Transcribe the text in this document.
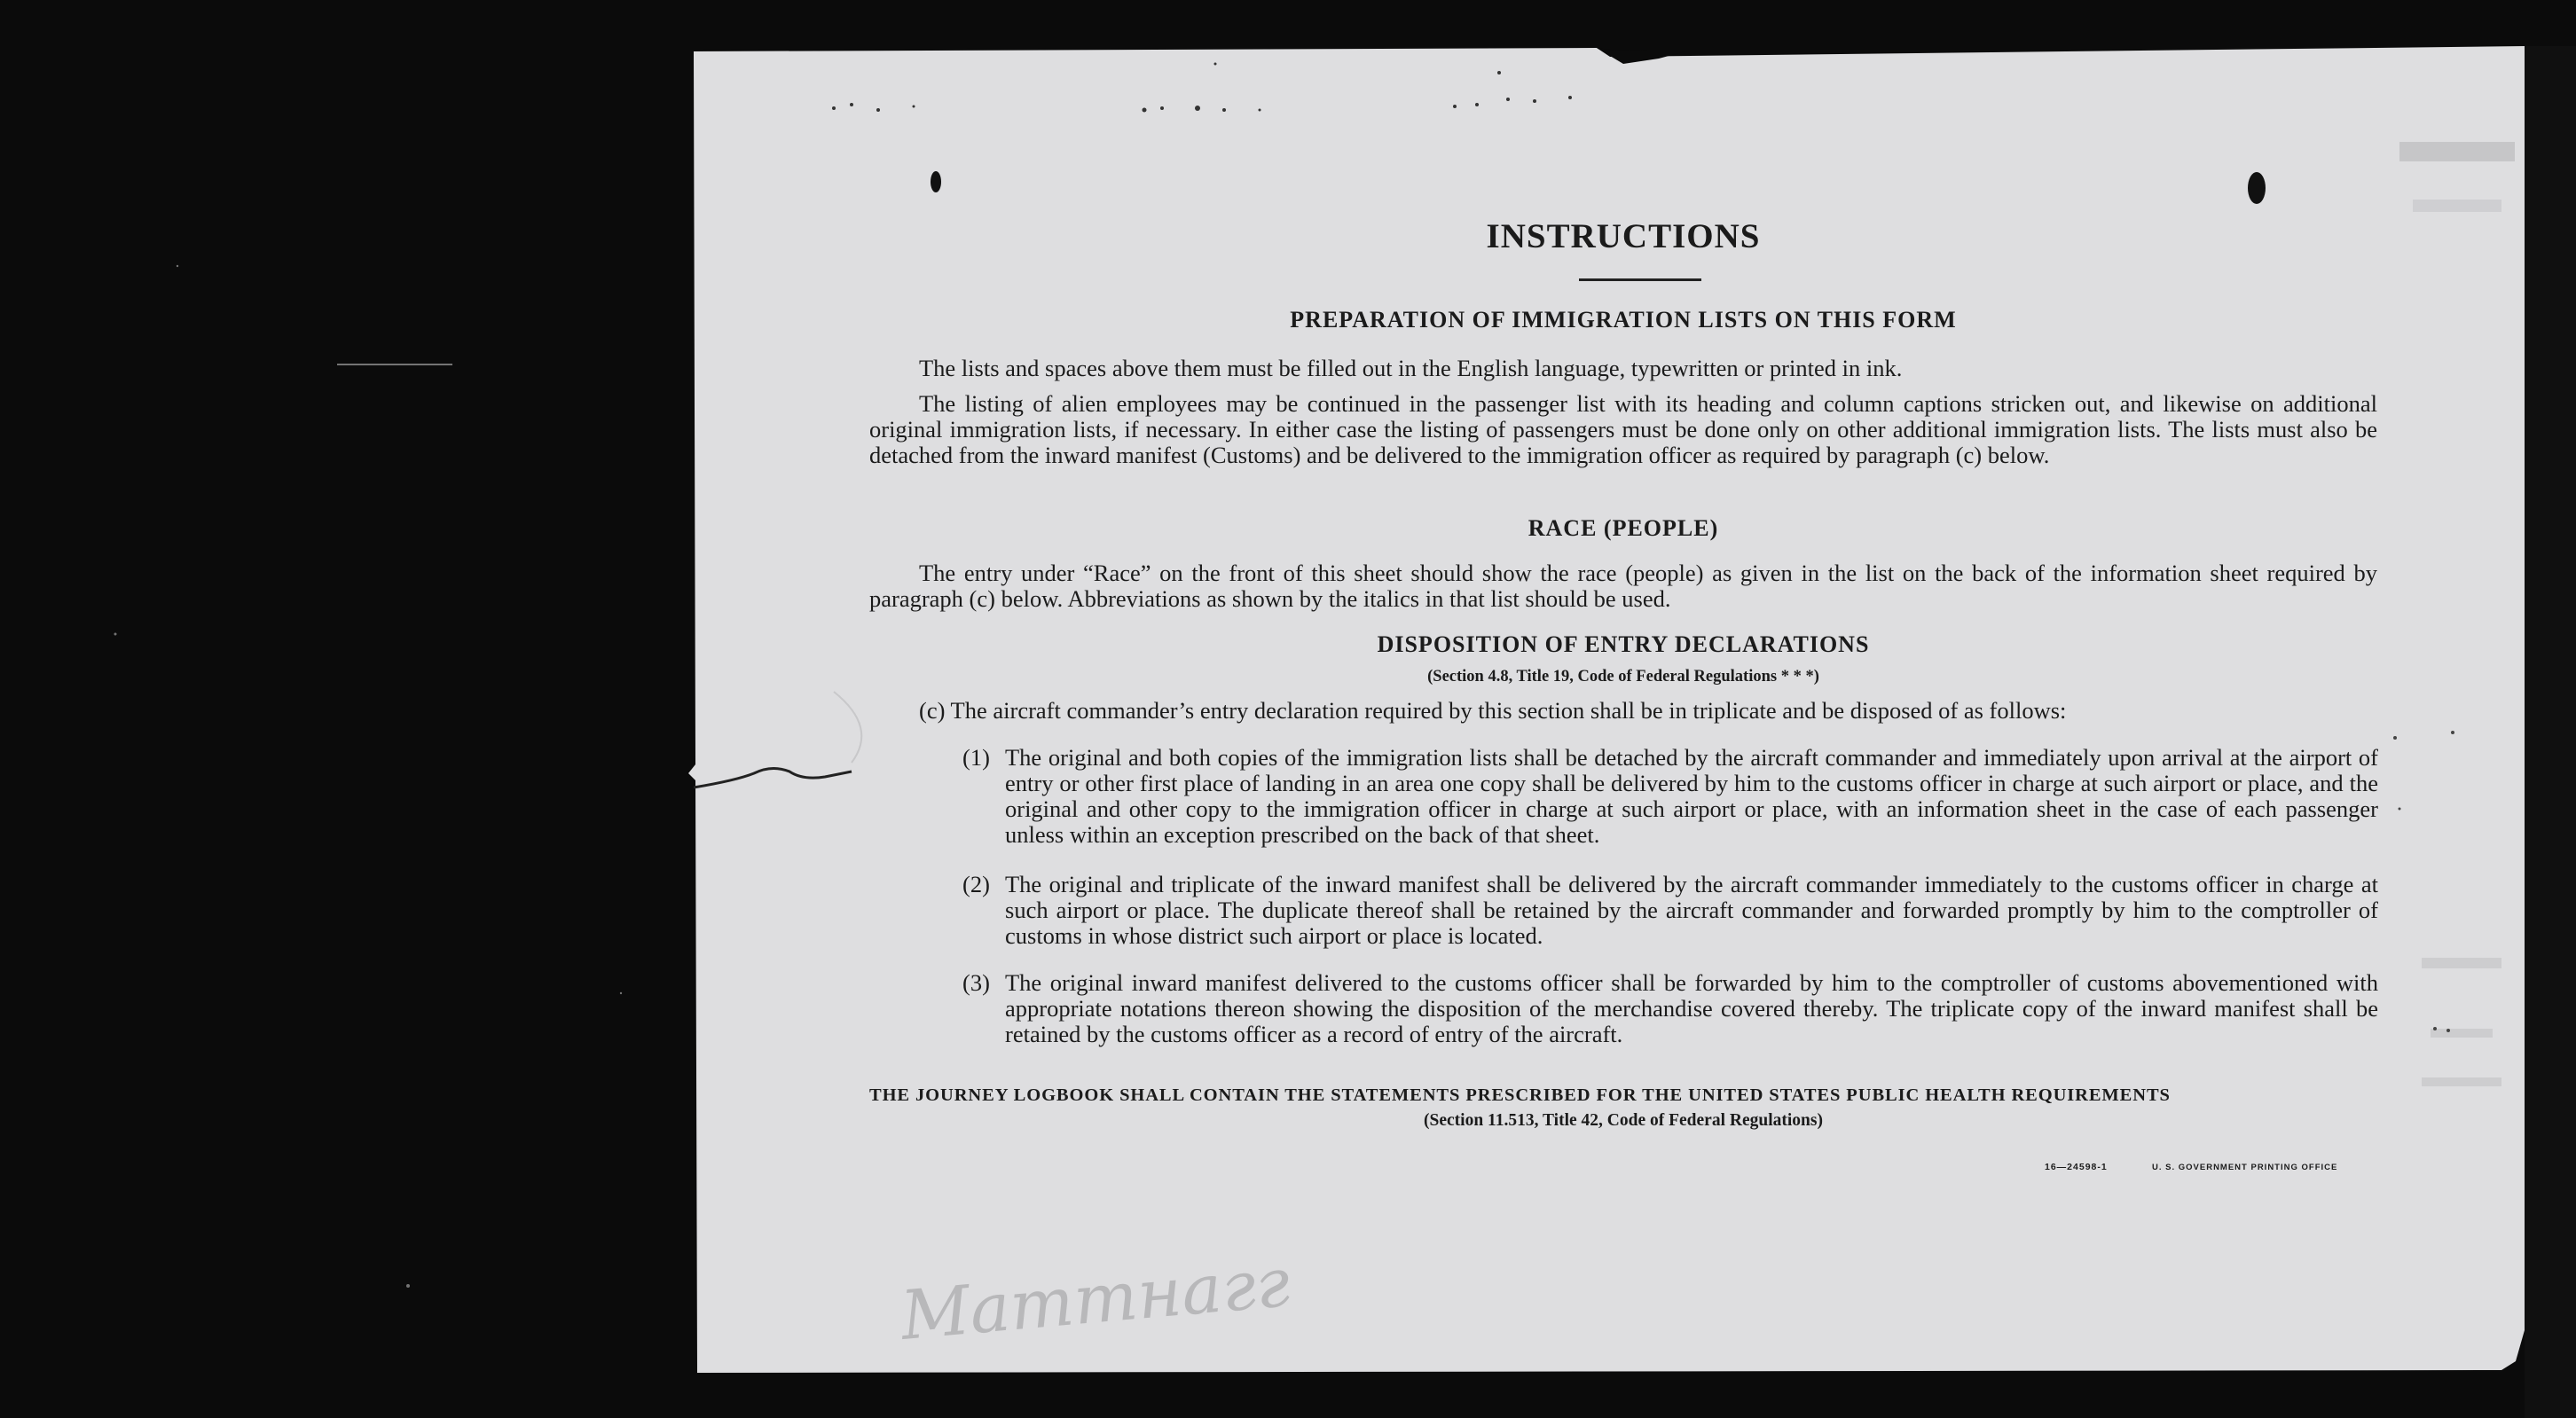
INSTRUCTIONS
PREPARATION OF IMMIGRATION LISTS ON THIS FORM
The lists and spaces above them must be filled out in the English language, typewritten or printed in ink.
The listing of alien employees may be continued in the passenger list with its heading and column captions stricken out, and likewise on additional original immigration lists, if necessary. In either case the listing of passengers must be done only on other additional immigration lists. The lists must also be detached from the inward manifest (Customs) and be delivered to the immigration officer as required by paragraph (c) below.
RACE (PEOPLE)
The entry under “Race” on the front of this sheet should show the race (people) as given in the list on the back of the information sheet required by paragraph (c) below. Abbreviations as shown by the italics in that list should be used.
DISPOSITION OF ENTRY DECLARATIONS
(Section 4.8, Title 19, Code of Federal Regulations * * *)
(c) The aircraft commander’s entry declaration required by this section shall be in triplicate and be disposed of as follows:
(1) The original and both copies of the immigration lists shall be detached by the aircraft commander and immediately upon arrival at the airport of entry or other first place of landing in an area one copy shall be delivered by him to the customs officer in charge at such airport or place, and the original and other copy to the immigration officer in charge at such airport or place, with an information sheet in the case of each passenger unless within an exception prescribed on the back of that sheet.
(2) The original and triplicate of the inward manifest shall be delivered by the aircraft commander immediately to the customs officer in charge at such airport or place. The duplicate thereof shall be retained by the aircraft commander and forwarded promptly by him to the comptroller of customs in whose district such airport or place is located.
(3) The original inward manifest delivered to the customs officer shall be forwarded by him to the comptroller of customs abovementioned with appropriate notations thereon showing the disposition of the merchandise covered thereby. The triplicate copy of the inward manifest shall be retained by the customs officer as a record of entry of the aircraft.
THE JOURNEY LOGBOOK SHALL CONTAIN THE STATEMENTS PRESCRIBED FOR THE UNITED STATES PUBLIC HEALTH REQUIREMENTS
(Section 11.513, Title 42, Code of Federal Regulations)
16—24598-1	U. S. GOVERNMENT PRINTING OFFICE
Маттнагг
